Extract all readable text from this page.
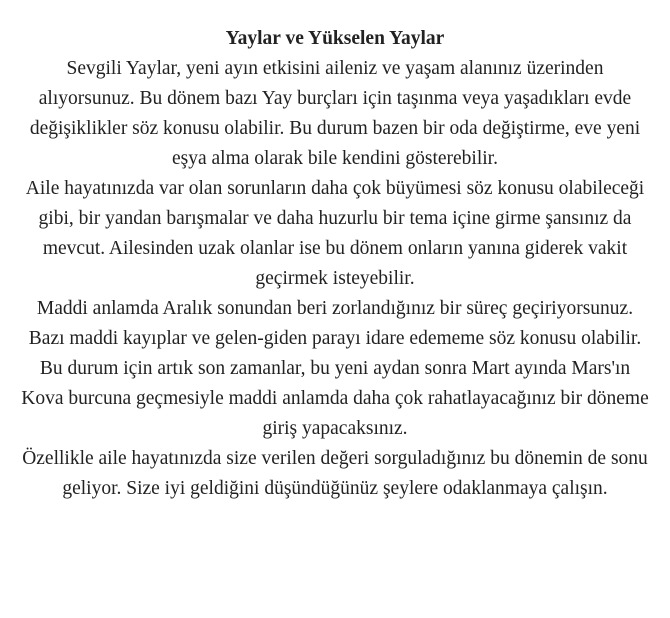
Yaylar ve Yükselen Yaylar

Sevgili Yaylar, yeni ayın etkisini aileniz ve yaşam alanınız üzerinden alıyorsunuz. Bu dönem bazı Yay burçları için taşınma veya yaşadıkları evde değişiklikler söz konusu olabilir. Bu durum bazen bir oda değiştirme, eve yeni eşya alma olarak bile kendini gösterebilir.

Aile hayatınızda var olan sorunların daha çok büyümesi söz konusu olabileceği gibi, bir yandan barışmalar ve daha huzurlu bir tema içine girme şansınız da mevcut. Ailesinden uzak olanlar ise bu dönem onların yanına giderek vakit geçirmek isteyebilir.

Maddi anlamda Aralık sonundan beri zorlandığınız bir süreç geçiriyorsunuz. Bazı maddi kayıplar ve gelen-giden parayı idare edememe söz konusu olabilir. Bu durum için artık son zamanlar, bu yeni aydan sonra Mart ayında Mars'ın Kova burcuna geçmesiyle maddi anlamda daha çok rahatlayacağınız bir döneme giriş yapacaksınız.

Özellikle aile hayatınızda size verilen değeri sorguladığınız bu dönemin de sonu geliyor. Size iyi geldiğini düşündüğünüz şeylere odaklanmaya çalışın.
